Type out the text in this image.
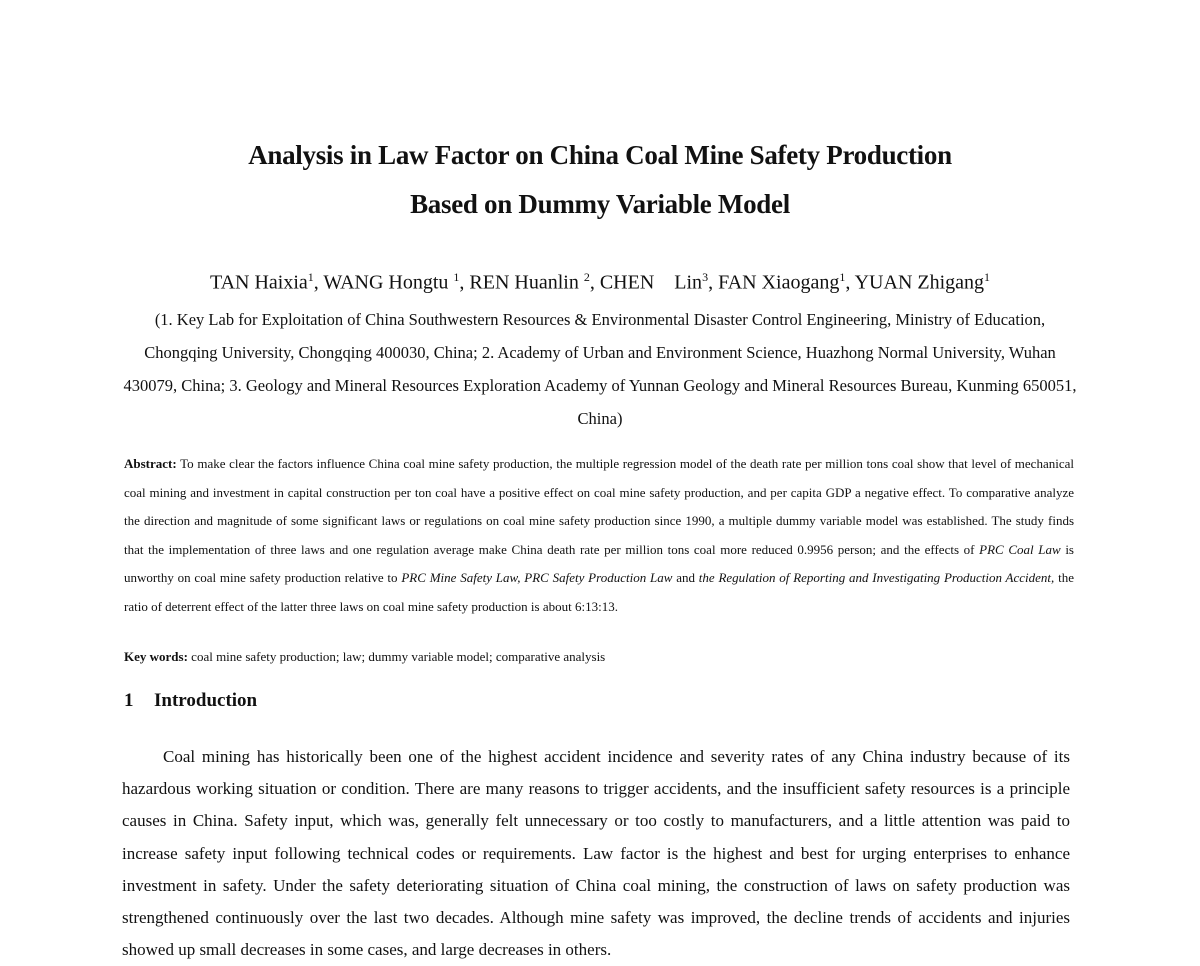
Analysis in Law Factor on China Coal Mine Safety Production
Based on Dummy Variable Model

TAN Haixia$^1$, WANG Hongtu $^1$, REN Huanlin $^2$, CHEN    Lin$^3$, FAN Xiaogang$^1$, YUAN Zhigang$^1$

(1. Key Lab for Exploitation of China Southwestern Resources & Environmental Disaster Control Engineering, Ministry of Education, Chongqing University, Chongqing 400030, China; 2. Academy of Urban and Environment Science, Huazhong Normal University, Wuhan 430079, China; 3. Geology and Mineral Resources Exploration Academy of Yunnan Geology and Mineral Resources Bureau, Kunming 650051, China)

Abstract: To make clear the factors influence China coal mine safety production, the multiple regression model of the death rate per million tons coal show that level of mechanical coal mining and investment in capital construction per ton coal have a positive effect on coal mine safety production, and per capita GDP a negative effect. To comparative analyze the direction and magnitude of some significant laws or regulations on coal mine safety production since 1990, a multiple dummy variable model was established. The study finds that the implementation of three laws and one regulation average make China death rate per million tons coal more reduced 0.9956 person; and the effects of PRC Coal Law is unworthy on coal mine safety production relative to PRC Mine Safety Law, PRC Safety Production Law and the Regulation of Reporting and Investigating Production Accident, the ratio of deterrent effect of the latter three laws on coal mine safety production is about 6:13:13.

Key words: coal mine safety production; law; dummy variable model; comparative analysis

1 Introduction

Coal mining has historically been one of the highest accident incidence and severity rates of any China industry because of its hazardous working situation or condition. There are many reasons to trigger accidents, and the insufficient safety resources is a principle causes in China. Safety input, which was, generally felt unnecessary or too costly to manufacturers, and a little attention was paid to increase safety input following technical codes or requirements. Law factor is the highest and best for urging enterprises to enhance investment in safety. Under the safety deteriorating situation of China coal mining, the construction of laws on safety production was strengthened continuously over the last two decades. Although mine safety was improved, the decline trends of accidents and injuries showed up small decreases in some cases, and large decreases in others.
